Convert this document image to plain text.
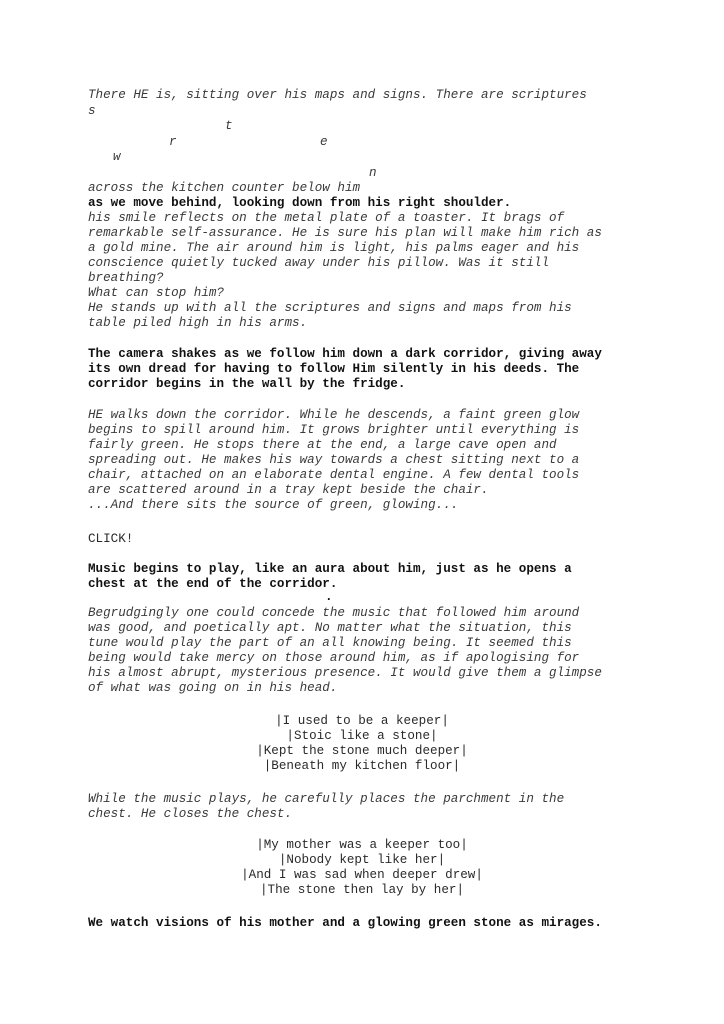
There HE is, sitting over his maps and signs. There are scriptures
s
t
r	e
w
n
across the kitchen counter below him
as we move behind, looking down from his right shoulder.
his smile reflects on the metal plate of a toaster. It brags of
remarkable self-assurance. He is sure his plan will make him rich as
a gold mine. The air around him is light, his palms eager and his
conscience quietly tucked away under his pillow. Was it still
breathing?
What can stop him?
He stands up with all the scriptures and signs and maps from his
table piled high in his arms.
The camera shakes as we follow him down a dark corridor, giving away
its own dread for having to follow Him silently in his deeds. The
corridor begins in the wall by the fridge.
HE walks down the corridor. While he descends, a faint green glow
begins to spill around him. It grows brighter until everything is
fairly green. He stops there at the end, a large cave open and
spreading out. He makes his way towards a chest sitting next to a
chair, attached on an elaborate dental engine. A few dental tools
are scattered around in a tray kept beside the chair.
...And there sits the source of green, glowing...
CLICK!
Music begins to play, like an aura about him, just as he opens a
chest at the end of the corridor.
.
Begrudgingly one could concede the music that followed him around
was good, and poetically apt. No matter what the situation, this
tune would play the part of an all knowing being. It seemed this
being would take mercy on those around him, as if apologising for
his almost abrupt, mysterious presence. It would give them a glimpse
of what was going on in his head.
|I used to be a keeper|
|Stoic like a stone|
|Kept the stone much deeper|
|Beneath my kitchen floor|
While the music plays, he carefully places the parchment in the
chest. He closes the chest.
|My mother was a keeper too|
|Nobody kept like her|
|And I was sad when deeper drew|
|The stone then lay by her|
We watch visions of his mother and a glowing green stone as mirages.
